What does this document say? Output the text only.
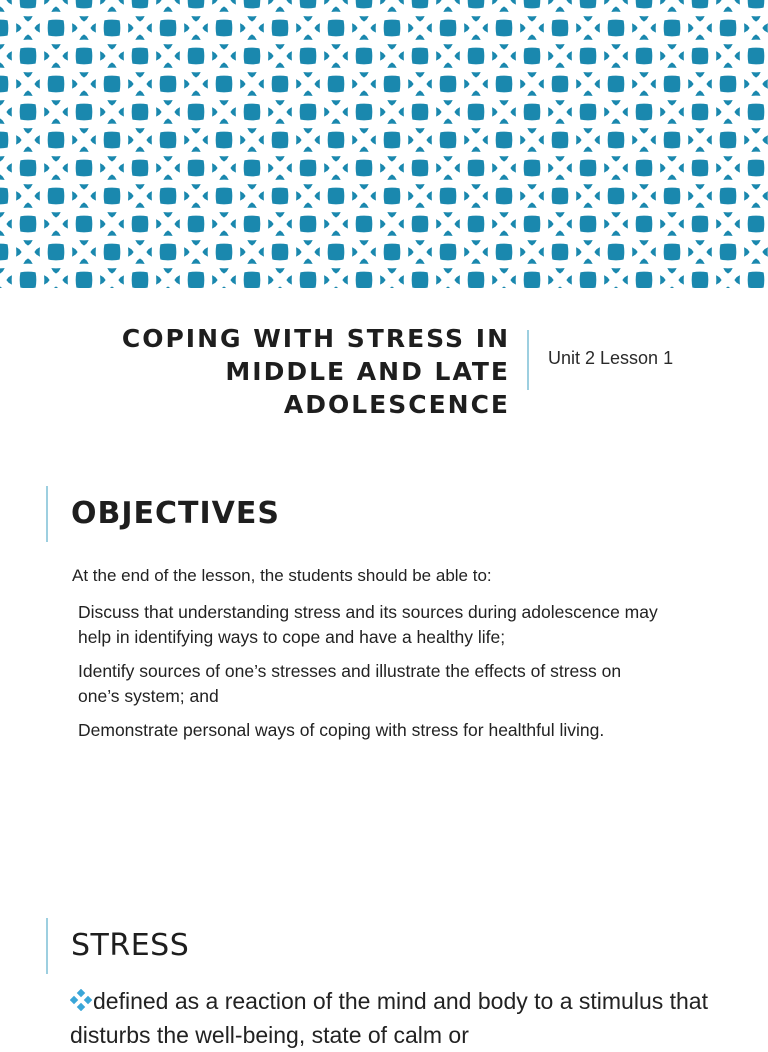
COPING WITH STRESS IN MIDDLE AND LATE ADOLESCENCE
Unit 2 Lesson 1
OBJECTIVES
At the end of the lesson, the students should be able to:
Discuss that understanding stress and its sources during adolescence may help in identifying ways to cope and have a healthy life;
Identify sources of one’s stresses and illustrate the effects of stress on one’s system; and
Demonstrate personal ways of coping with stress for healthful living.
STRESS

defined as a reaction of the mind and body to a stimulus that disturbs the well-being, state of calm or
